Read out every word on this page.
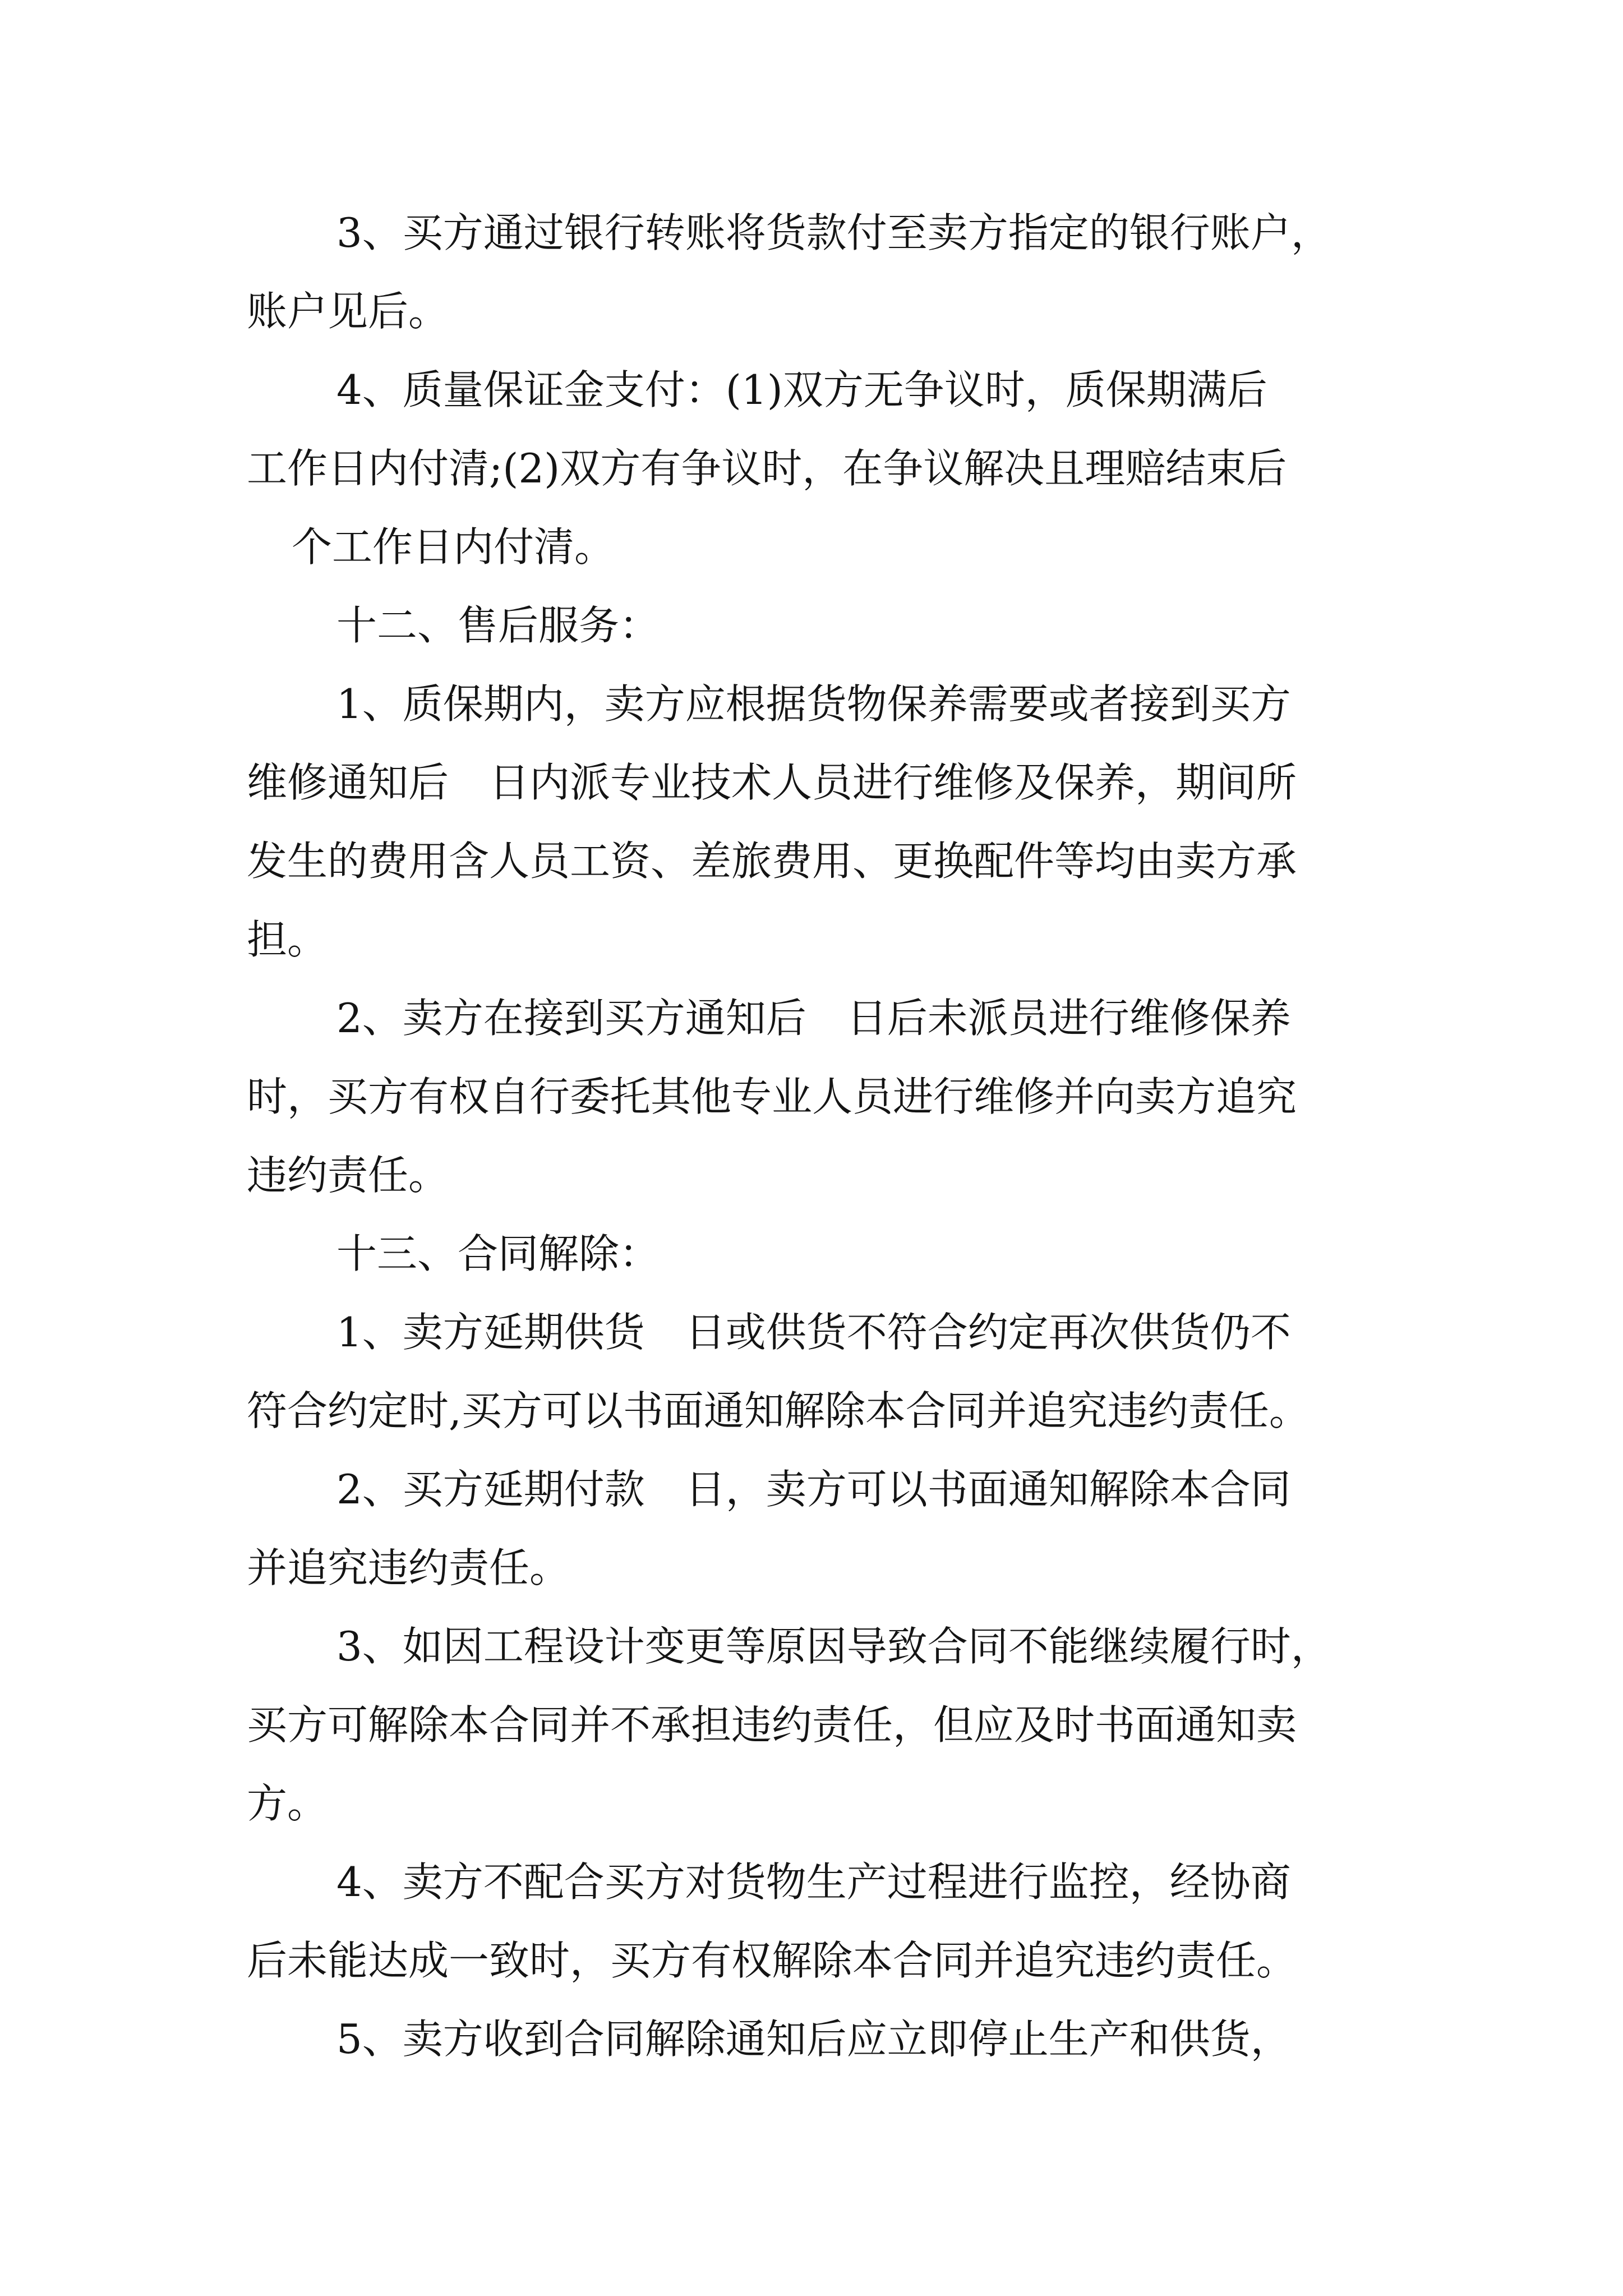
3、买方通过银行转账将货款付至卖方指定的银行账户，

账户见后。

4、质量保证金支付：(1)双方无争议时，质保期满后

工作日内付清;(2)双方有争议时，在争议解决且理赔结束后

个工作日内付清。

十二、售后服务：

1、质保期内，卖方应根据货物保养需要或者接到买方

维修通知后　日内派专业技术人员进行维修及保养，期间所

发生的费用含人员工资、差旅费用、更换配件等均由卖方承

担。

2、卖方在接到买方通知后　日后未派员进行维修保养

时，买方有权自行委托其他专业人员进行维修并向卖方追究

违约责任。

十三、合同解除：

1、卖方延期供货　日或供货不符合约定再次供货仍不

符合约定时,买方可以书面通知解除本合同并追究违约责任。

2、买方延期付款　日，卖方可以书面通知解除本合同

并追究违约责任。

3、如因工程设计变更等原因导致合同不能继续履行时，

买方可解除本合同并不承担违约责任，但应及时书面通知卖

方。

4、卖方不配合买方对货物生产过程进行监控，经协商

后未能达成一致时，买方有权解除本合同并追究违约责任。

5、卖方收到合同解除通知后应立即停止生产和供货，
